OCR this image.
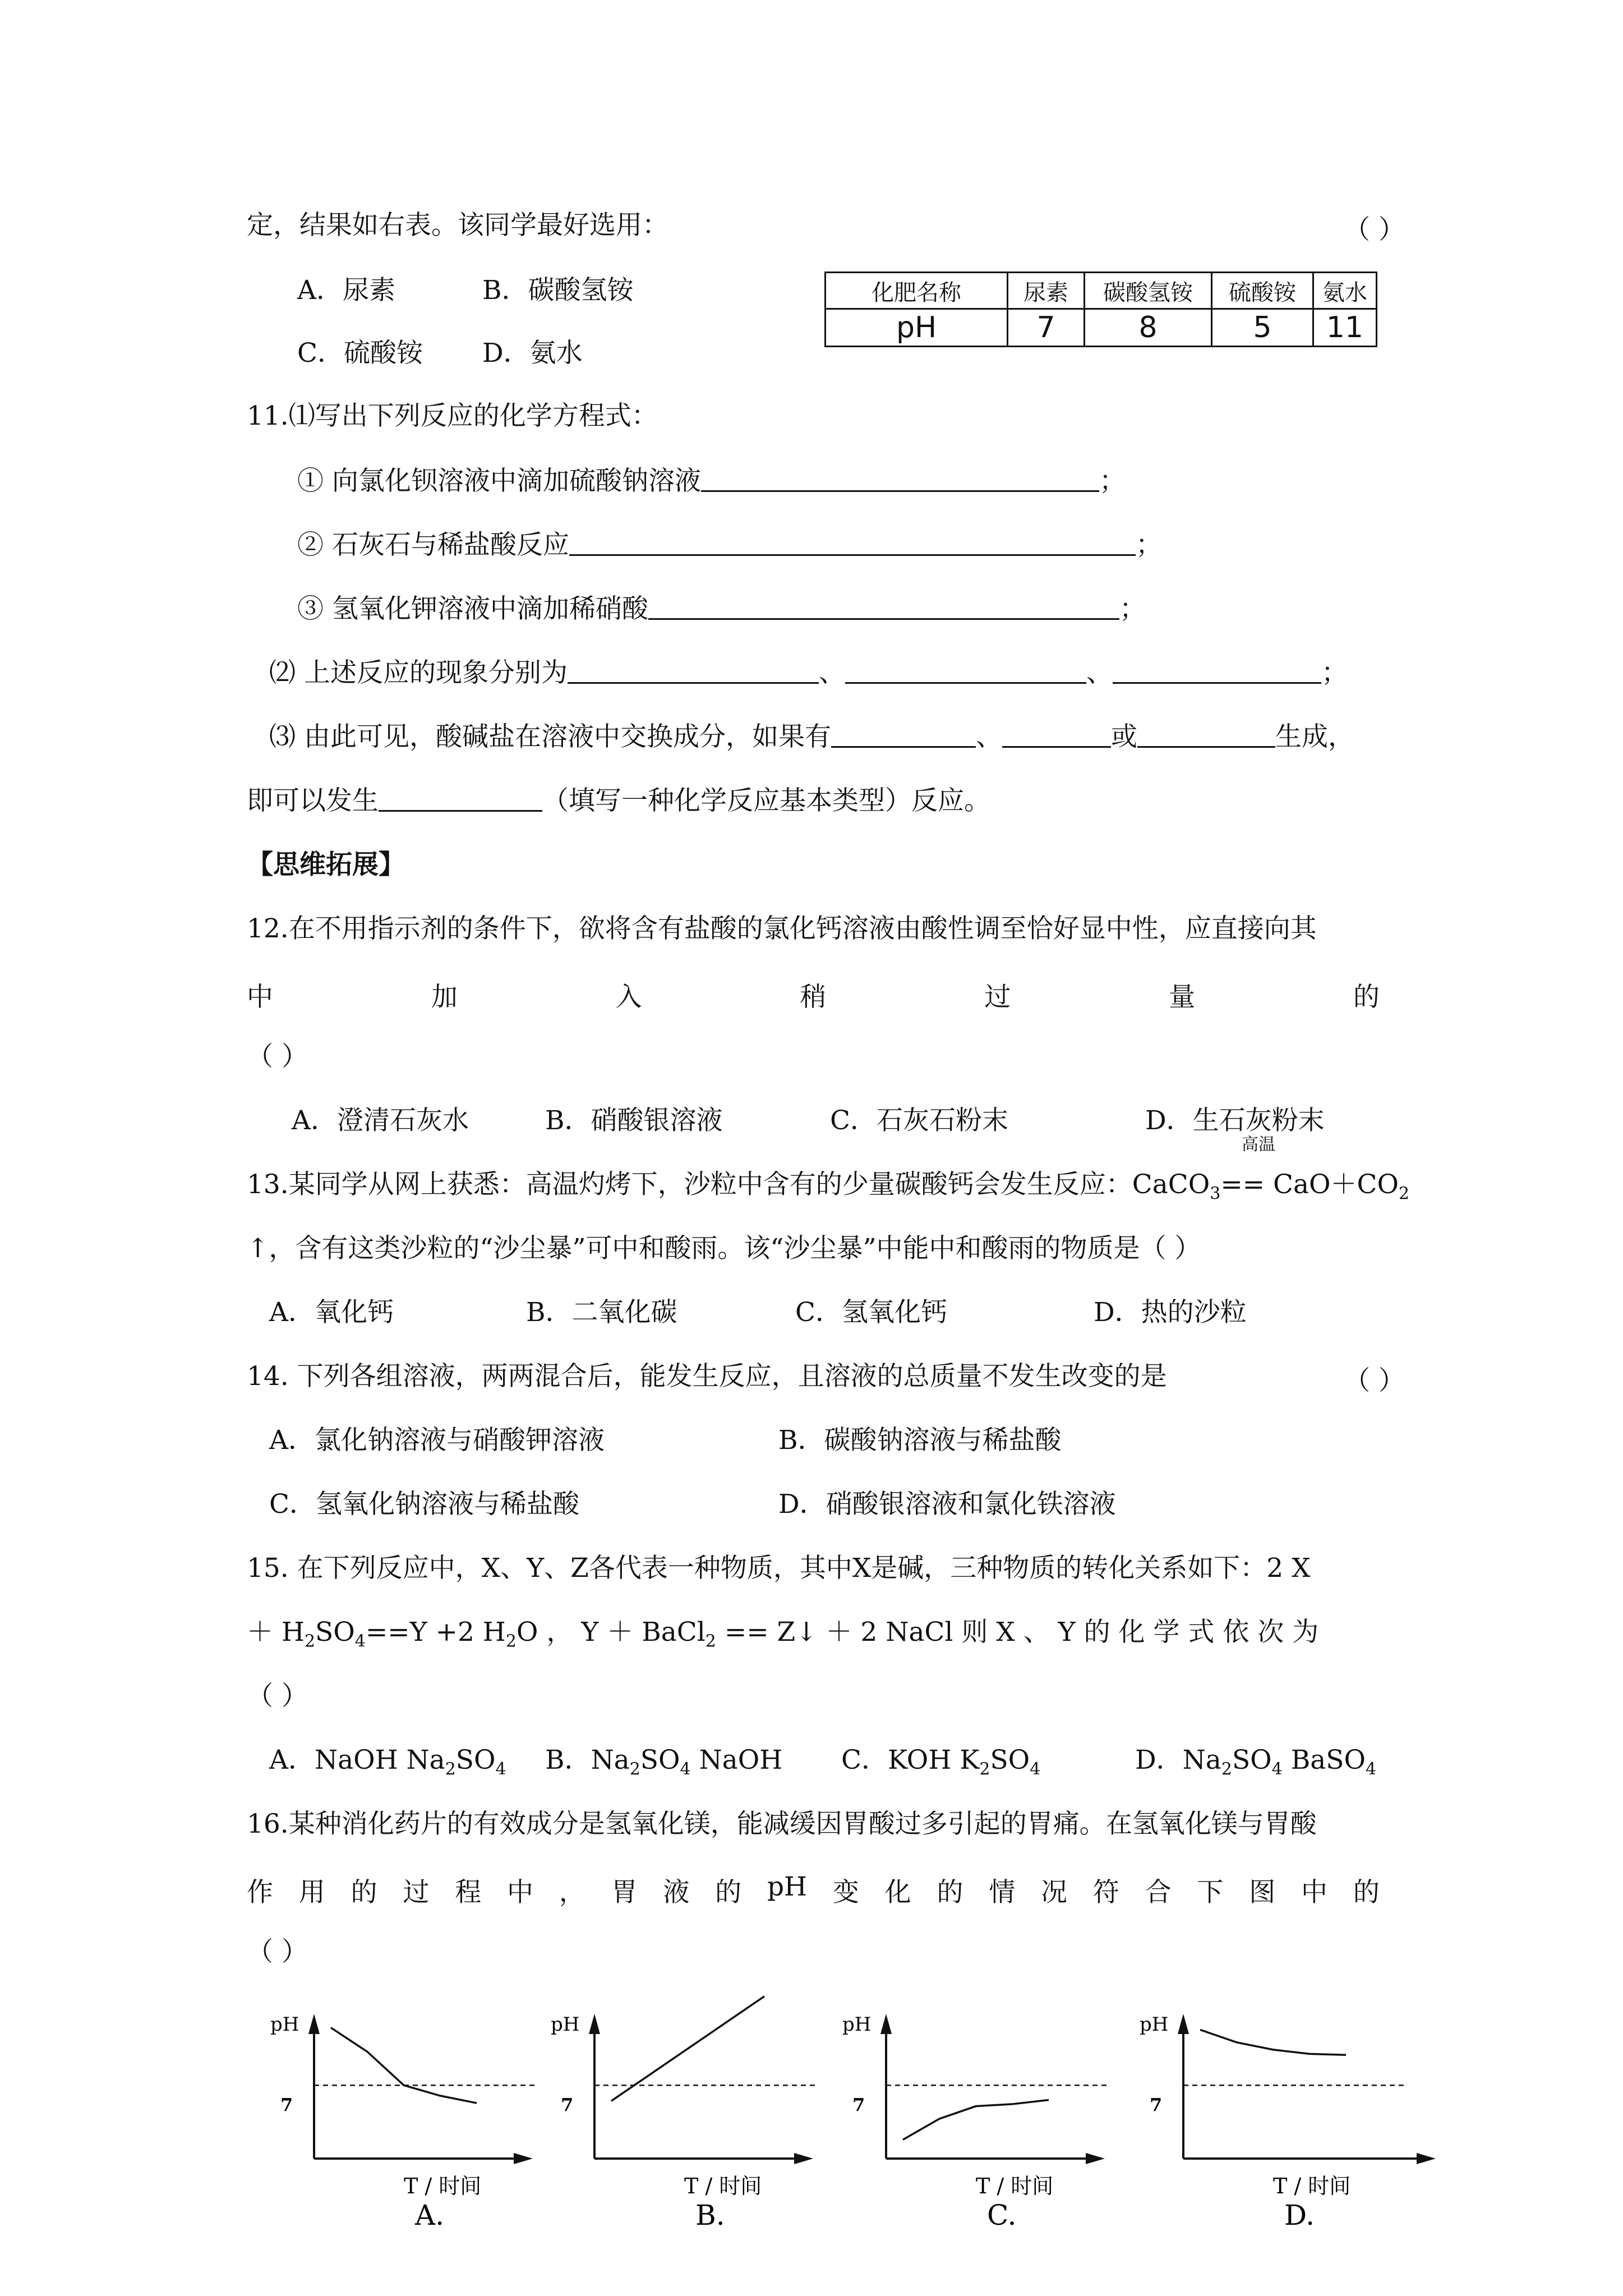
定，结果如右表。该同学最好选用：	（ ）
A．尿素	B．碳酸氢铵
C．硫酸铵 D．氨水
化肥名称	尿素	碳酸氢铵	硫酸铵	氨水
pH	7	8	5	11
11.⑴写出下列反应的化学方程式：
① 向氯化钡溶液中滴加硫酸钠溶液	；
② 石灰石与稀盐酸反应	；
③ 氢氧化钾溶液中滴加稀硝酸	；
⑵ 上述反应的现象分别为	、	、	；
⑶ 由此可见，酸碱盐在溶液中交换成分，如果有	、	或	生成，
即可以发生	（填写一种化学反应基本类型）反应。
【思维拓展】
12.在不用指示剂的条件下，欲将含有盐酸的氯化钙溶液由酸性调至恰好显中性，应直接向其
中	加	入	稍	过	量	的
（ ）
A．澄清石灰水	B．硝酸银溶液	C．石灰石粉末	D．生石灰粉末
高温
13.某同学从网上获悉：高温灼烤下，沙粒中含有的少量碳酸钙会发生反应：CaCO$_3$== $CaO+CO_2$
↑，含有这类沙粒的“沙尘暴”可中和酸雨。该“沙尘暴”中能中和酸雨的物质是（ ）
A．氧化钙	B．二氧化碳	C．氢氧化钙	D．热的沙粒
14. 下列各组溶液，两两混合后，能发生反应，且溶液的总质量不发生改变的是	（ ）
A．氯化钠溶液与硝酸钾溶液	B．碳酸钠溶液与稀盐酸
C．氢氧化钠溶液与稀盐酸	D．硝酸银溶液和氯化铁溶液
15. 在下列反应中，X、Y、Z各代表一种物质，其中X是碱，三种物质的转化关系如下：2 X
＋ $H_2SO_4==Y +2$ $H_2O$ ， Y ＋ BaCl$_2$ == Z↓ ＋ 2 NaCl 则 X 、 Y 的 化 学 式 依 次 为
（ ）
A．NaOH $Na_2SO_4$ B．$Na_2SO_4$ NaOH C．KOH $K_2SO_4$	D．$Na_2SO_4$ BaSO$_4$
16.某种消化药片的有效成分是氢氧化镁，能减缓因胃酸过多引起的胃痛。在氢氧化镁与胃酸
作 用 的 过 程 中 ， 胃 液 的 pH 变 化 的 情 况 符 合 下 图 中 的
（ ）
pH
7
T / 时间
A.
pH
7
T / 时间
B.
pH
7
T / 时间
C.
pH
7
T / 时间
D.
